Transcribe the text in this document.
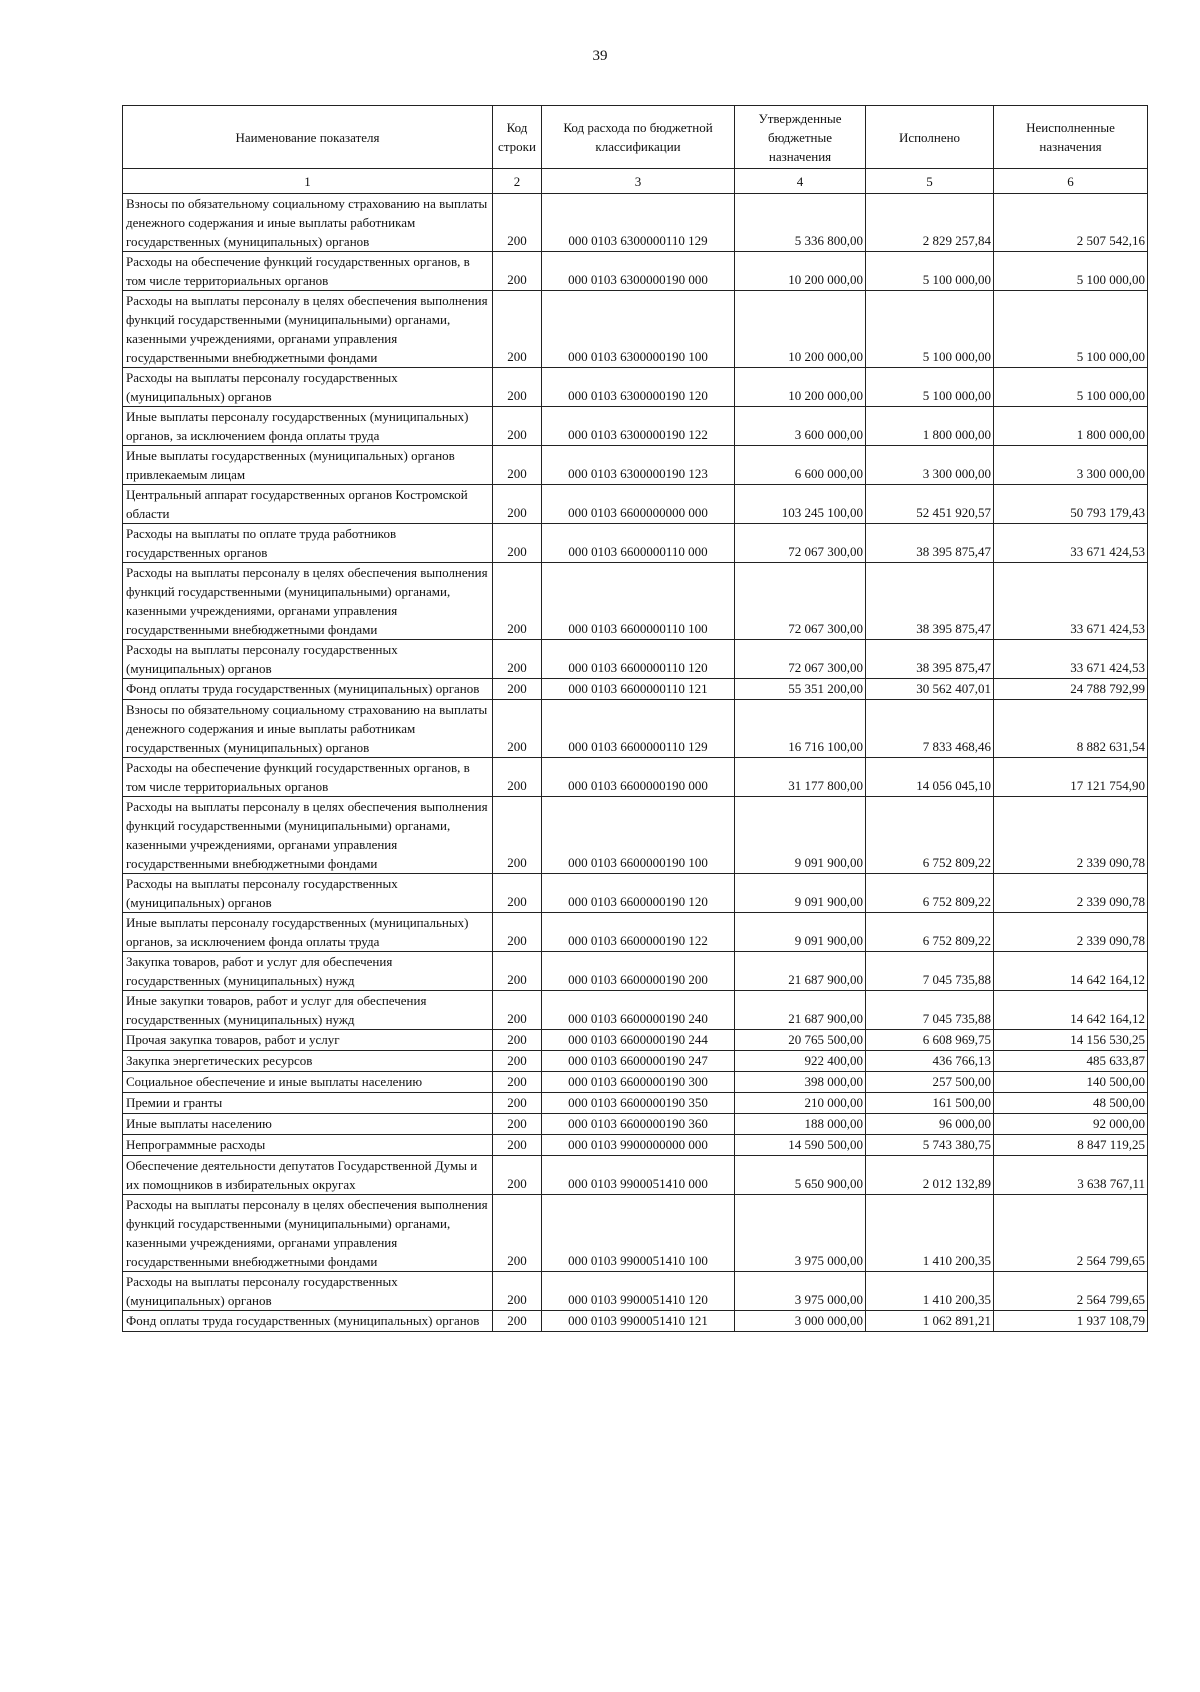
39
Наименование показателя	Код строки	Код расхода по бюджетной классификации	Утвержденные бюджетные назначения	Исполнено	Неисполненные назначения
1	2	3	4	5	6
Взносы по обязательному социальному страхованию на выплаты денежного содержания и иные выплаты работникам государственных (муниципальных) органов	200	000 0103 6300000110 129	5 336 800,00	2 829 257,84	2 507 542,16
Расходы на обеспечение функций государственных органов, в том числе территориальных органов	200	000 0103 6300000190 000	10 200 000,00	5 100 000,00	5 100 000,00
Расходы на выплаты персоналу в целях обеспечения выполнения функций государственными (муниципальными) органами, казенными учреждениями, органами управления государственными внебюджетными фондами	200	000 0103 6300000190 100	10 200 000,00	5 100 000,00	5 100 000,00
Расходы на выплаты персоналу государственных (муниципальных) органов	200	000 0103 6300000190 120	10 200 000,00	5 100 000,00	5 100 000,00
Иные выплаты персоналу государственных (муниципальных) органов, за исключением фонда оплаты труда	200	000 0103 6300000190 122	3 600 000,00	1 800 000,00	1 800 000,00
Иные выплаты государственных (муниципальных) органов привлекаемым лицам	200	000 0103 6300000190 123	6 600 000,00	3 300 000,00	3 300 000,00
Центральный аппарат государственных органов Костромской области	200	000 0103 6600000000 000	103 245 100,00	52 451 920,57	50 793 179,43
Расходы на выплаты по оплате труда работников государственных органов	200	000 0103 6600000110 000	72 067 300,00	38 395 875,47	33 671 424,53
Расходы на выплаты персоналу в целях обеспечения выполнения функций государственными (муниципальными) органами, казенными учреждениями, органами управления государственными внебюджетными фондами	200	000 0103 6600000110 100	72 067 300,00	38 395 875,47	33 671 424,53
Расходы на выплаты персоналу государственных (муниципальных) органов	200	000 0103 6600000110 120	72 067 300,00	38 395 875,47	33 671 424,53
Фонд оплаты труда государственных (муниципальных) органов	200	000 0103 6600000110 121	55 351 200,00	30 562 407,01	24 788 792,99
Взносы по обязательному социальному страхованию на выплаты денежного содержания и иные выплаты работникам государственных (муниципальных) органов	200	000 0103 6600000110 129	16 716 100,00	7 833 468,46	8 882 631,54
Расходы на обеспечение функций государственных органов, в том числе территориальных органов	200	000 0103 6600000190 000	31 177 800,00	14 056 045,10	17 121 754,90
Расходы на выплаты персоналу в целях обеспечения выполнения функций государственными (муниципальными) органами, казенными учреждениями, органами управления государственными внебюджетными фондами	200	000 0103 6600000190 100	9 091 900,00	6 752 809,22	2 339 090,78
Расходы на выплаты персоналу государственных (муниципальных) органов	200	000 0103 6600000190 120	9 091 900,00	6 752 809,22	2 339 090,78
Иные выплаты персоналу государственных (муниципальных) органов, за исключением фонда оплаты труда	200	000 0103 6600000190 122	9 091 900,00	6 752 809,22	2 339 090,78
Закупка товаров, работ и услуг для обеспечения государственных (муниципальных) нужд	200	000 0103 6600000190 200	21 687 900,00	7 045 735,88	14 642 164,12
Иные закупки товаров, работ и услуг для обеспечения государственных (муниципальных) нужд	200	000 0103 6600000190 240	21 687 900,00	7 045 735,88	14 642 164,12
Прочая закупка товаров, работ и услуг	200	000 0103 6600000190 244	20 765 500,00	6 608 969,75	14 156 530,25
Закупка энергетических ресурсов	200	000 0103 6600000190 247	922 400,00	436 766,13	485 633,87
Социальное обеспечение и иные выплаты населению	200	000 0103 6600000190 300	398 000,00	257 500,00	140 500,00
Премии и гранты	200	000 0103 6600000190 350	210 000,00	161 500,00	48 500,00
Иные выплаты населению	200	000 0103 6600000190 360	188 000,00	96 000,00	92 000,00
Непрограммные расходы	200	000 0103 9900000000 000	14 590 500,00	5 743 380,75	8 847 119,25
Обеспечение деятельности депутатов Государственной Думы и их помощников в избирательных округах	200	000 0103 9900051410 000	5 650 900,00	2 012 132,89	3 638 767,11
Расходы на выплаты персоналу в целях обеспечения выполнения функций государственными (муниципальными) органами, казенными учреждениями, органами управления государственными внебюджетными фондами	200	000 0103 9900051410 100	3 975 000,00	1 410 200,35	2 564 799,65
Расходы на выплаты персоналу государственных (муниципальных) органов	200	000 0103 9900051410 120	3 975 000,00	1 410 200,35	2 564 799,65
Фонд оплаты труда государственных (муниципальных) органов	200	000 0103 9900051410 121	3 000 000,00	1 062 891,21	1 937 108,79
